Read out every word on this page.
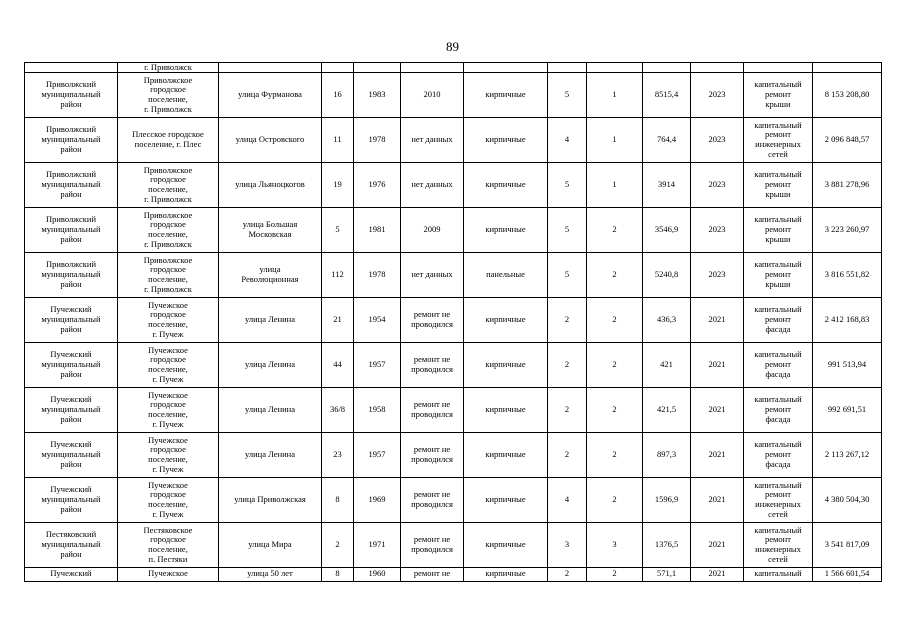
89
	г. Приволжск											
Приволжский
муниципальный
район	Приволжское
городское
поселение,
г. Приволжск	улица Фурманова	16	1983	2010	кирпичные	5	1	8515,4	2023	капитальный
ремонт
крыши	8 153 208,80
Приволжский
муниципальный
район	Плесское городское
поселение, г. Плес	улица Островского	11	1978	нет данных	кирпичные	4	1	764,4	2023	капитальный
ремонт
инженерных
сетей	2 096 848,57
Приволжский
муниципальный
район	Приволжское
городское
поселение,
г. Приволжск	улица Льяноцкогов	19	1976	нет данных	кирпичные	5	1	3914	2023	капитальный
ремонт
крыши	3 881 278,96
Приволжский
муниципальный
район	Приволжское
городское
поселение,
г. Приволжск	улица Большая
Московская	5	1981	2009	кирпичные	5	2	3546,9	2023	капитальный
ремонт
крыши	3 223 260,97
Приволжский
муниципальный
район	Приволжское
городское
поселение,
г. Приволжск	улица
Революционная	112	1978	нет данных	панельные	5	2	5240,8	2023	капитальный
ремонт
крыши	3 816 551,82
Пучежский
муниципальный
район	Пучежское
городское
поселение,
г. Пучеж	улица Ленина	21	1954	ремонт не
проводился	кирпичные	2	2	436,3	2021	капитальный
ремонт
фасада	2 412 168,83
Пучежский
муниципальный
район	Пучежское
городское
поселение,
г. Пучеж	улица Ленина	44	1957	ремонт не
проводился	кирпичные	2	2	421	2021	капитальный
ремонт
фасада	991 513,94
Пучежский
муниципальный
район	Пучежское
городское
поселение,
г. Пучеж	улица Ленина	36/8	1958	ремонт не
проводился	кирпичные	2	2	421,5	2021	капитальный
ремонт
фасада	992 691,51
Пучежский
муниципальный
район	Пучежское
городское
поселение,
г. Пучеж	улица Ленина	23	1957	ремонт не
проводился	кирпичные	2	2	897,3	2021	капитальный
ремонт
фасада	2 113 267,12
Пучежский
муниципальный
район	Пучежское
городское
поселение,
г. Пучеж	улица Приволжская	8	1969	ремонт не
проводился	кирпичные	4	2	1596,9	2021	капитальный
ремонт
инженерных
сетей	4 380 504,30
Пестяковский
муниципальный
район	Пестяковское
городское
поселение,
п. Пестяки	улица Мира	2	1971	ремонт не
проводился	кирпичные	3	3	1376,5	2021	капитальный
ремонт
инженерных
сетей	3 541 817,09
Пучежский	Пучежское	улица 50 лет	8	1960	ремонт не	кирпичные	2	2	571,1	2021	капитальный	1 566 601,54
